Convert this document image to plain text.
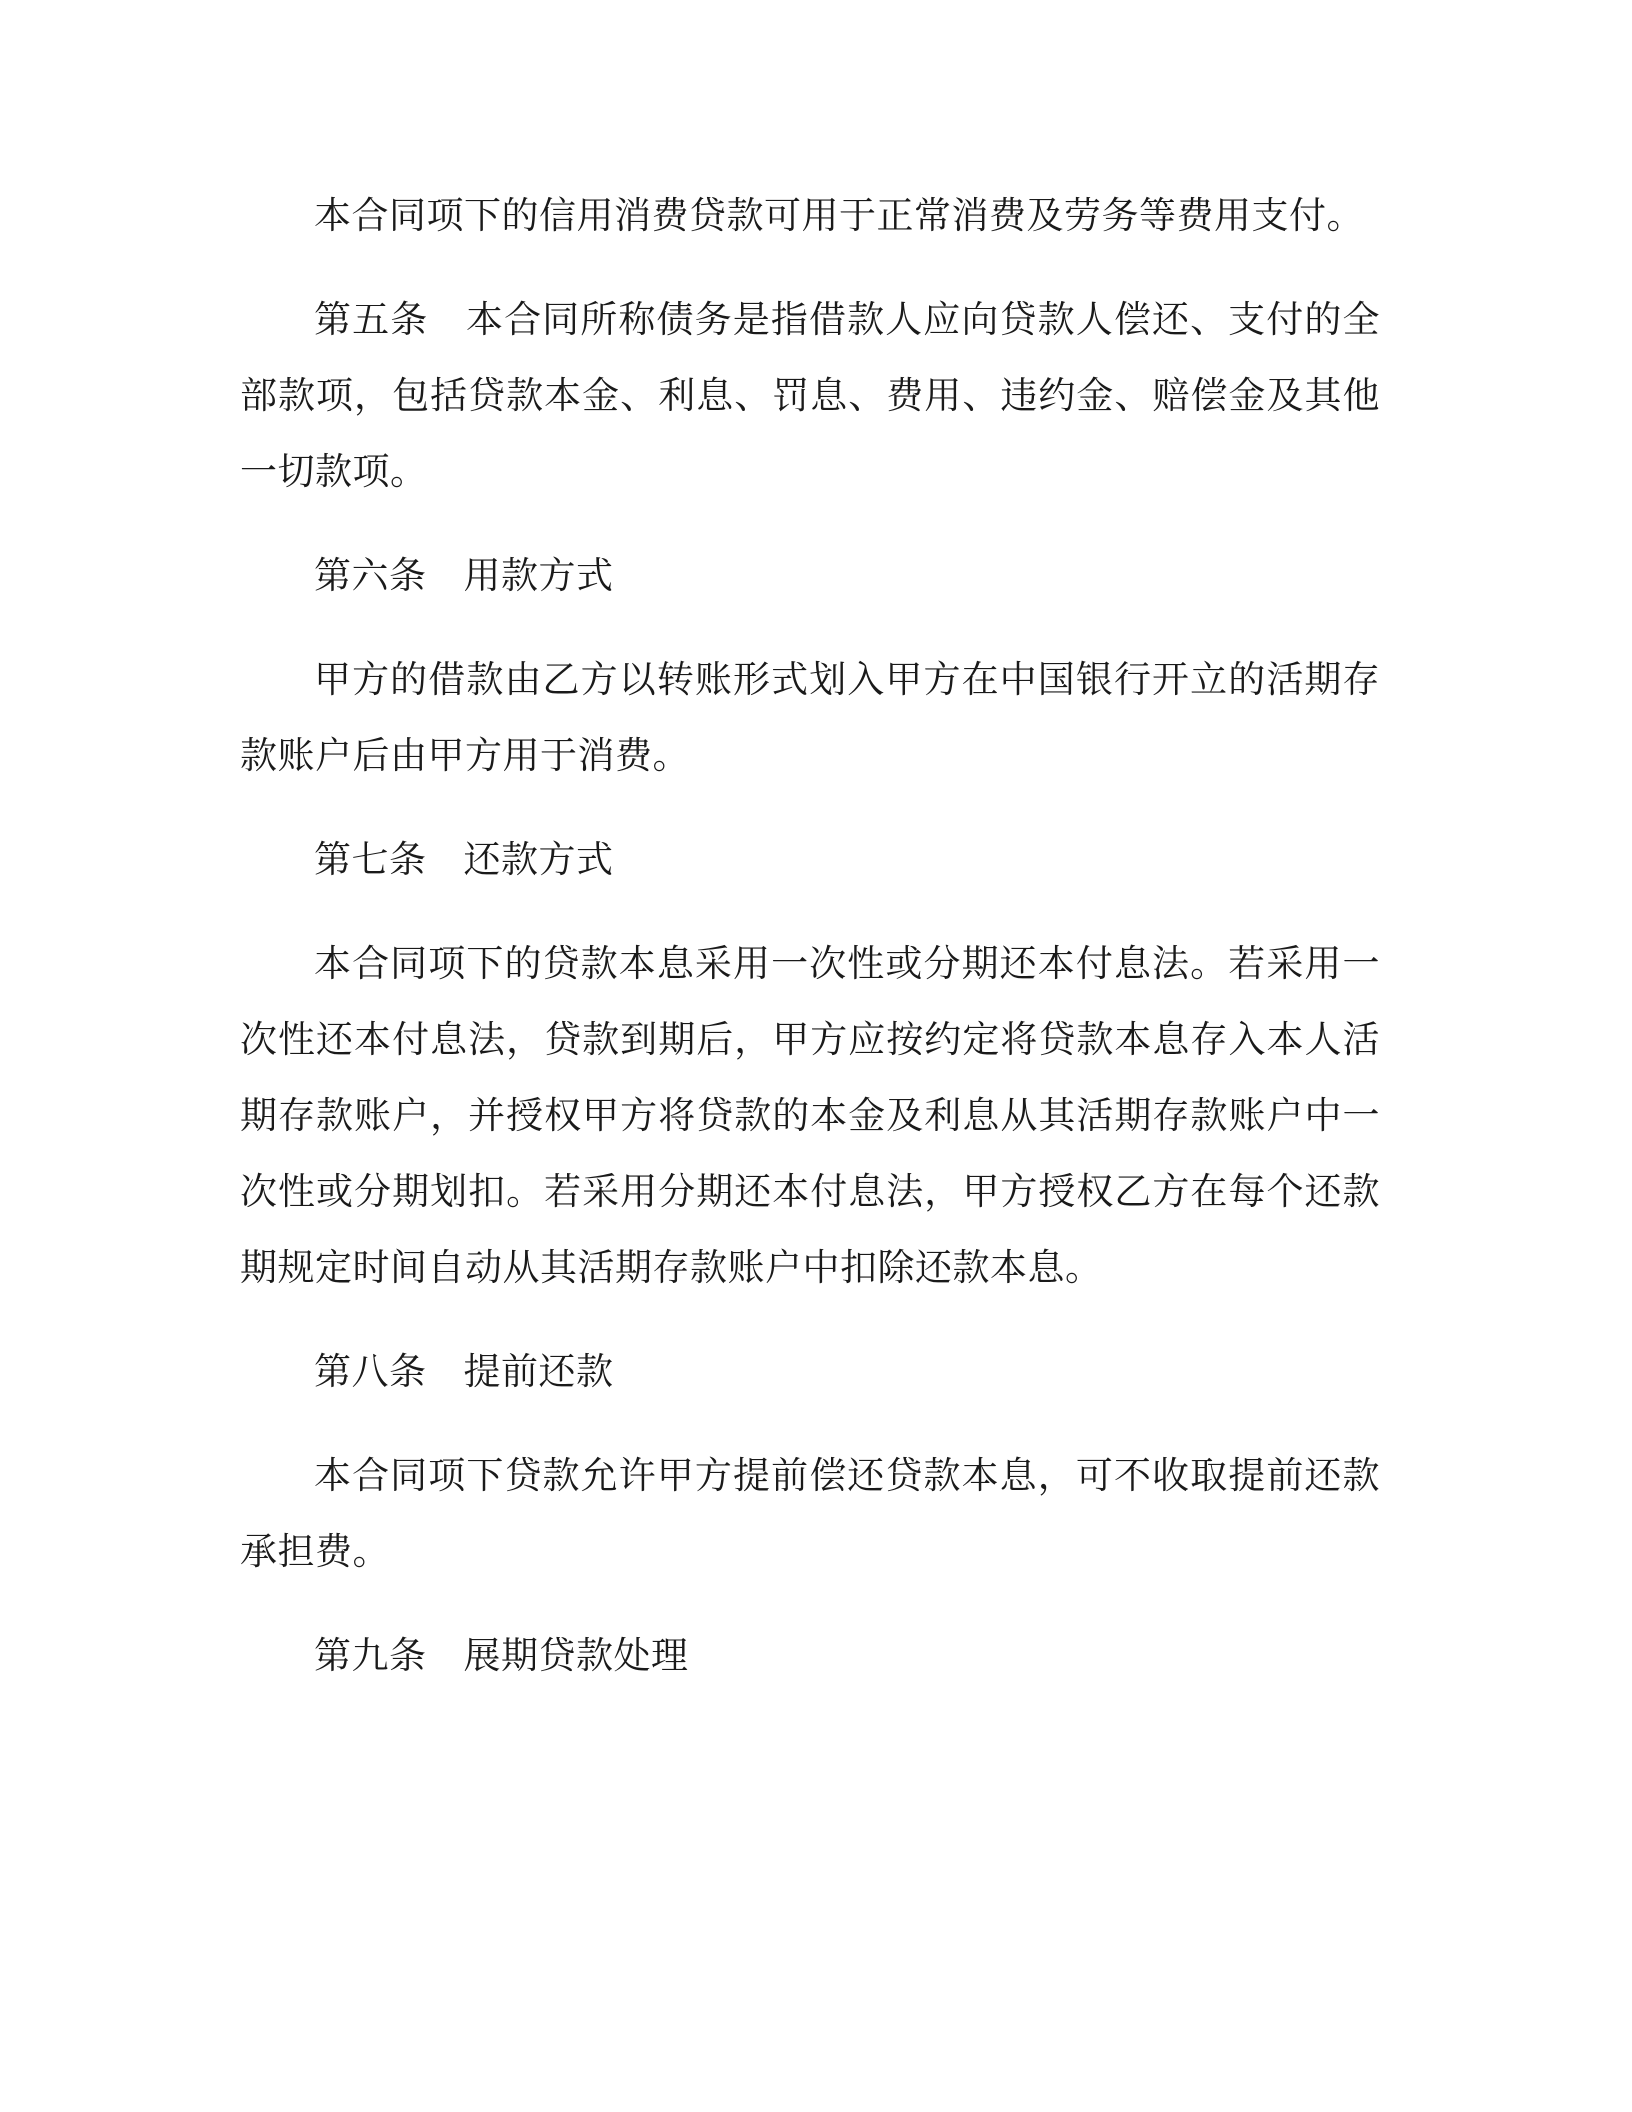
本合同项下的信用消费贷款可用于正常消费及劳务等费用支付。

第五条 本合同所称债务是指借款人应向贷款人偿还、支付的全部款项，包括贷款本金、利息、罚息、费用、违约金、赔偿金及其他一切款项。

第六条 用款方式

甲方的借款由乙方以转账形式划入甲方在中国银行开立的活期存款账户后由甲方用于消费。

第七条 还款方式

本合同项下的贷款本息采用一次性或分期还本付息法。若采用一次性还本付息法，贷款到期后，甲方应按约定将贷款本息存入本人活期存款账户，并授权甲方将贷款的本金及利息从其活期存款账户中一次性或分期划扣。若采用分期还本付息法，甲方授权乙方在每个还款期规定时间自动从其活期存款账户中扣除还款本息。

第八条 提前还款

本合同项下贷款允许甲方提前偿还贷款本息，可不收取提前还款承担费。

第九条 展期贷款处理
